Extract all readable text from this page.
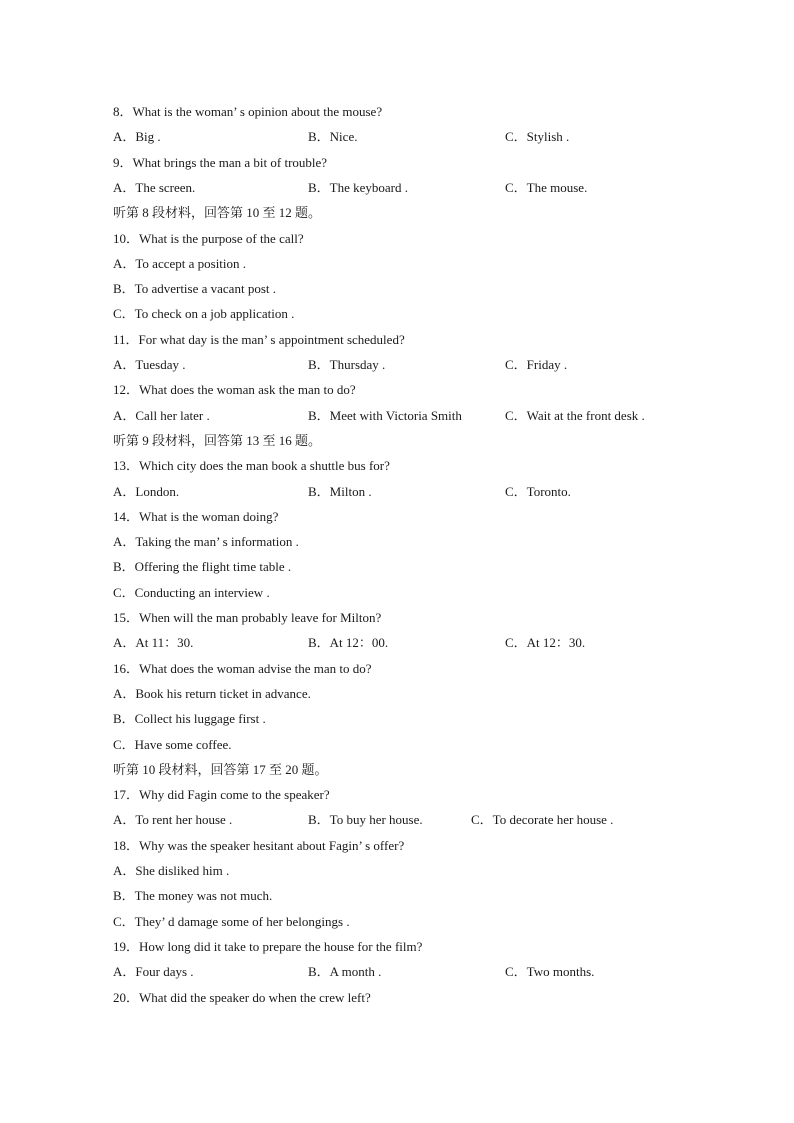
8．What is the woman’ s opinion about the mouse?
A．Big .	B．Nice.	C．Stylish .
9．What brings the man a bit of trouble?
A．The screen.	B．The keyboard .	C．The mouse.
听第 8 段材料，回答第 10 至 12 题。
10．What is the purpose of the call?
A．To accept a position .
B．To advertise a vacant post .
C．To check on a job application .
11．For what day is the man’ s appointment scheduled?
A．Tuesday .	B．Thursday .	C．Friday .
12．What does the woman ask the man to do?
A．Call her later .	B．Meet with Victoria Smith	C．Wait at the front desk .
听第 9 段材料，回答第 13 至 16 题。
13．Which city does the man book a shuttle bus for?
A．London.	B．Milton .	C．Toronto.
14．What is the woman doing?
A．Taking the man’ s information .
B．Offering the flight time table .
C．Conducting an interview .
15．When will the man probably leave for Milton?
A．At 11：30.	B．At 12：00.	C．At 12：30.
16．What does the woman advise the man to do?
A．Book his return ticket in advance.
B．Collect his luggage first .
C．Have some coffee.
听第 10 段材料，回答第 17 至 20 题。
17．Why did Fagin come to the speaker?
A．To rent her house .	B．To buy her house.	C．To decorate her house .
18．Why was the speaker hesitant about Fagin’ s offer?
A．She disliked him .
B．The money was not much.
C．They’ d damage some of her belongings .
19．How long did it take to prepare the house for the film?
A．Four days .	B．A month .	C．Two months.
20．What did the speaker do when the crew left?
